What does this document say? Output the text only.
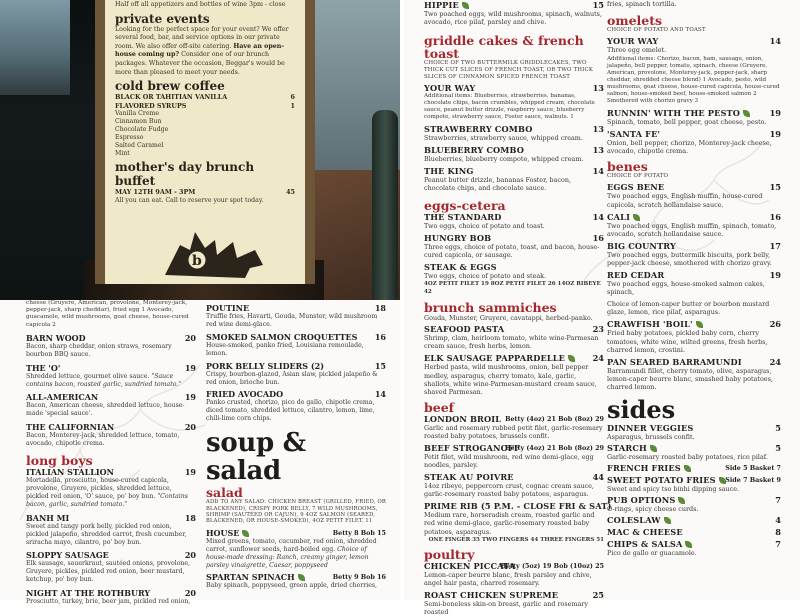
Half off all appetizers and bottles of wine 3pm - close
private events
Looking for the perfect space for your event? We offer several food, bar, and service options in our private room. We also offer off-site catering. Have an open-house coming up? Consider one of our brunch packages. Whatever the occasion, Beggar's would be more than pleased to meet your needs.
cold brew coffee
BLACK OR TAHITIAN VANILLA	6
FLAVORED SYRUPS	1
Vanilla Creme
Cinnamon Bun
Chocolate Fudge
Espresso
Salted Caramel
Mint
mother's day brunch buffet
MAY 12TH 9AM - 3PM	45
All you can eat. Call to reserve your spot today.
b
HIPPIE	15
Two poached eggs, wild mushrooms, spinach, walnuts, avocado, rice pilaf, parsley and chive.
griddle cakes & french toast
CHOICE OF TWO BUTTERMILK GRIDDLECAKES, TWO THICK CUT SLICES OF FRENCH TOAST, OR TWO THICK SLICES OF CINNAMON SPICED FRENCH TOAST
YOUR WAY	13
Additional items: Blueberries, strawberries, bananas, chocolate chips, bacon crumbles, whipped cream, chocolate sauce, peanut butter drizzle, raspberry sauce, blueberry compote, strawberry sauce, Foster sauce, walnuts. 1
STRAWBERRY COMBO	13
Strawberries, strawberry sauce, whipped cream.
BLUEBERRY COMBO	13
Blueberries, blueberry compote, whipped cream.
THE KING	14
Peanut butter drizzle, bananas Foster, bacon, chocolate chips, and chocolate sauce.
eggs-cetera
THE STANDARD	14
Two eggs, choice of potato and toast.
HUNGRY BOB	16
Three eggs, choice of potato, toast, and bacon, house-cured capicola, or sausage.
STEAK & EGGS
Two eggs, choice of potato and steak.
4OZ PETIT FILET 19 8OZ PETIT FILET 26 14OZ RIBEYE 42
brunch sammiches
Gouda, Munster, Gruyere, cavatappi, herbed-panko.
SEAFOOD PASTA	23
Shrimp, clam, heirloom tomato, white wine-Parmesan cream sauce, fresh herbs, lemon.
ELK SAUSAGE PAPPARDELLE	24
Herbed pasta, wild mushrooms, onion, bell pepper medley, asparagus, cherry tomato, kale, garlic, shallots, white wine-Parmesan-mustard cream sauce, shaved Parmesan.
beef
LONDON BROIL Betty (4oz) 21 Bob (8oz) 29
Garlic and rosemary rubbed petit filet, garlic-rosemary roasted baby potatoes, brussels confit.
BEEF STROGANOFF
Betty (4oz) 21 Bob (8oz) 29
Petit filet, wild mushroom, red wine demi-glace, egg noodles, parsley.
STEAK AU POIVRE	44
14oz ribeye, peppercorn crust, cognac cream sauce, garlic-rosemary roasted baby potatoes, asparagus.
PRIME RIB (5 P.M. - CLOSE FRI & SAT)
Medium rare, horseradish cream, roasted garlic and red wine demi-glace, garlic-rosemary roasted baby potatoes, asparagus.
ONE FINGER 35 TWO FINGERS 44 THREE FINGERS 51
poultry
CHICKEN PICCATA
Betty (5oz) 19 Bob (10oz) 25
Lemon-caper beurre blanc, fresh parsley and chive, angel hair pasta, charred rosemary.
ROAST CHICKEN SUPREME	25
Semi-boneless skin-on breast, garlic and rosemary roasted
fries, spinach tortilla.
omelets
CHOICE OF POTATO AND TOAST
YOUR WAY	14
Three egg omelet.
Additional items: Chorizo, bacon, ham, sausage, onion, jalapeño, bell pepper, tomato, spinach, cheese (Gruyere, American, provolone, Monterey-jack, pepper-jack, sharp cheddar, shredded cheese blend) 1 Avocado, pesto, wild mushrooms, goat cheese, house-cured capicola, house-cured salmon, house-smoked beef, house-smoked salmon 2 Smothered with chorizo gravy 3
RUNNIN' WITH THE PESTO	19
Spinach, tomato, bell pepper, goat cheese, pesto.
'SANTA FE'	19
Onion, bell pepper, chorizo, Monterey-jack cheese, avocado, chipotle crema.
benes
CHOICE OF POTATO
EGGS BENE	15
Two poached eggs, English muffin, house-cured capicola, scratch hollandaise sauce.
CALI	16
Two poached eggs, English muffin, spinach, tomato, avocado, scratch hollandaise sauce.
BIG COUNTRY	17
Two poached eggs, buttermilk biscuits, pork belly, pepper-jack cheese, smothered with chorizo gravy.
RED CEDAR	19
Two poached eggs, house-smoked salmon cakes, spinach,
Choice of lemon-caper butter or bourbon mustard glaze, lemon, rice pilaf, asparagus.
CRAWFISH 'BOIL'	26
Fried baby potatoes, pickled baby corn, cherry tomatoes, white wine, wilted greens, fresh herbs, charred lemon, crostini.
PAN SEARED BARRAMUNDI	24
Barramundi fillet, cherry tomato, olive, asparagus, lemon-caper beurre blanc, smashed baby potatoes, charred lemon.
sides
DINNER VEGGIES	5
Asparagus, brussels confit.
STARCH	5
Garlic-rosemary roasted baby potatoes, rice pilaf.
FRENCH FRIES	Side 5 Basket 7
SWEET POTATO FRIES	Side 7 Basket 9
Sweet and spicy tso binhi dipping sauce.
PUB OPTIONS	7
O-rings, spicy cheese curds.
COLESLAW	4
MAC & CHEESE	8
CHIPS & SALSA	7
Pico de gallo or guacamole.
cheese (Gruyere, American, provolone, Monterey-jack, pepper-jack, sharp cheddar), fried egg 1 Avocado, guacamole, wild mushrooms, goat cheese, house-cured capicola 2
BARN WOOD	20
Bacon, sharp cheddar, onion straws, rosemary bourbon BBQ sauce.
THE 'O'	19
Shredded lettuce, gourmet olive sauce. "Sauce contains bacon, roasted garlic, sundried tomato."
ALL-AMERICAN	19
Bacon, American cheese, shredded lettuce, house-made 'special sauce'.
THE CALIFORNIAN	20
Bacon, Monterey-jack, shredded lettuce, tomato, avocado, chipotle crema.
long boys
ITALIAN STALLION	19
Mortadella, prosciutto, house-cured capicola, provolone, Gruyere, pickles, shredded lettuce, pickled red onion, 'O' sauce, po' boy bun. "Contains bacon, garlic, sundried tomato."
BANH MI	18
Sweet and tangy pork belly, pickled red onion, pickled jalapeño, shredded carrot, fresh cucumber, sriracha mayo, cilantro, po' boy bun.
SLOPPY SAUSAGE	20
Elk sausage, sauerkraut, sautéed onions, provolone, Gruyere, pickles, pickled red onion, beer mustard, ketchup, po' boy bun.
NIGHT AT THE ROTHBURY	20
Prosciutto, turkey, brie, beer jam, pickled red onion,
POUTINE	18
Truffle fries, Havarti, Gouda, Munster, wild mushroom red wine demi-glace.
SMOKED SALMON CROQUETTES	16
House-smoked, panko fried, Louisiana remoulade, lemon.
PORK BELLY SLIDERS (2)	15
Crispy, bourbon-glazed, Asian slaw, pickled jalapeño & red onion, brioche bun.
FRIED AVOCADO	14
Panko crusted, chorizo, pico de gallo, chipotle crema, diced tomato, shredded lettuce, cilantro, lemon, lime, chili-lime corn chips.
soup & salad
salad
ADD TO ANY SALAD: CHICKEN BREAST (GRILLED, FRIED, OR BLACKENED), CRISPY PORK BELLY, 7 WILD MUSHROOMS, SHRIMP (SAUTÉED OR CAJUN), 9 4OZ SALMON (SEARED, BLACKENED, OR HOUSE-SMOKED), 4OZ PETIT FILET. 11
HOUSE	Betty 8 Bob 15
Mixed greens, tomato, cucumber, red onion, shredded carrot, sunflower seeds, hard-boiled egg. Choice of house-made dressing: Ranch, creamy ginger, lemon parsley vinaigrette, Caesar, poppyseed
SPARTAN SPINACH	Betty 9 Bob 16
Baby spinach, poppyseed, green apple, dried cherries,
